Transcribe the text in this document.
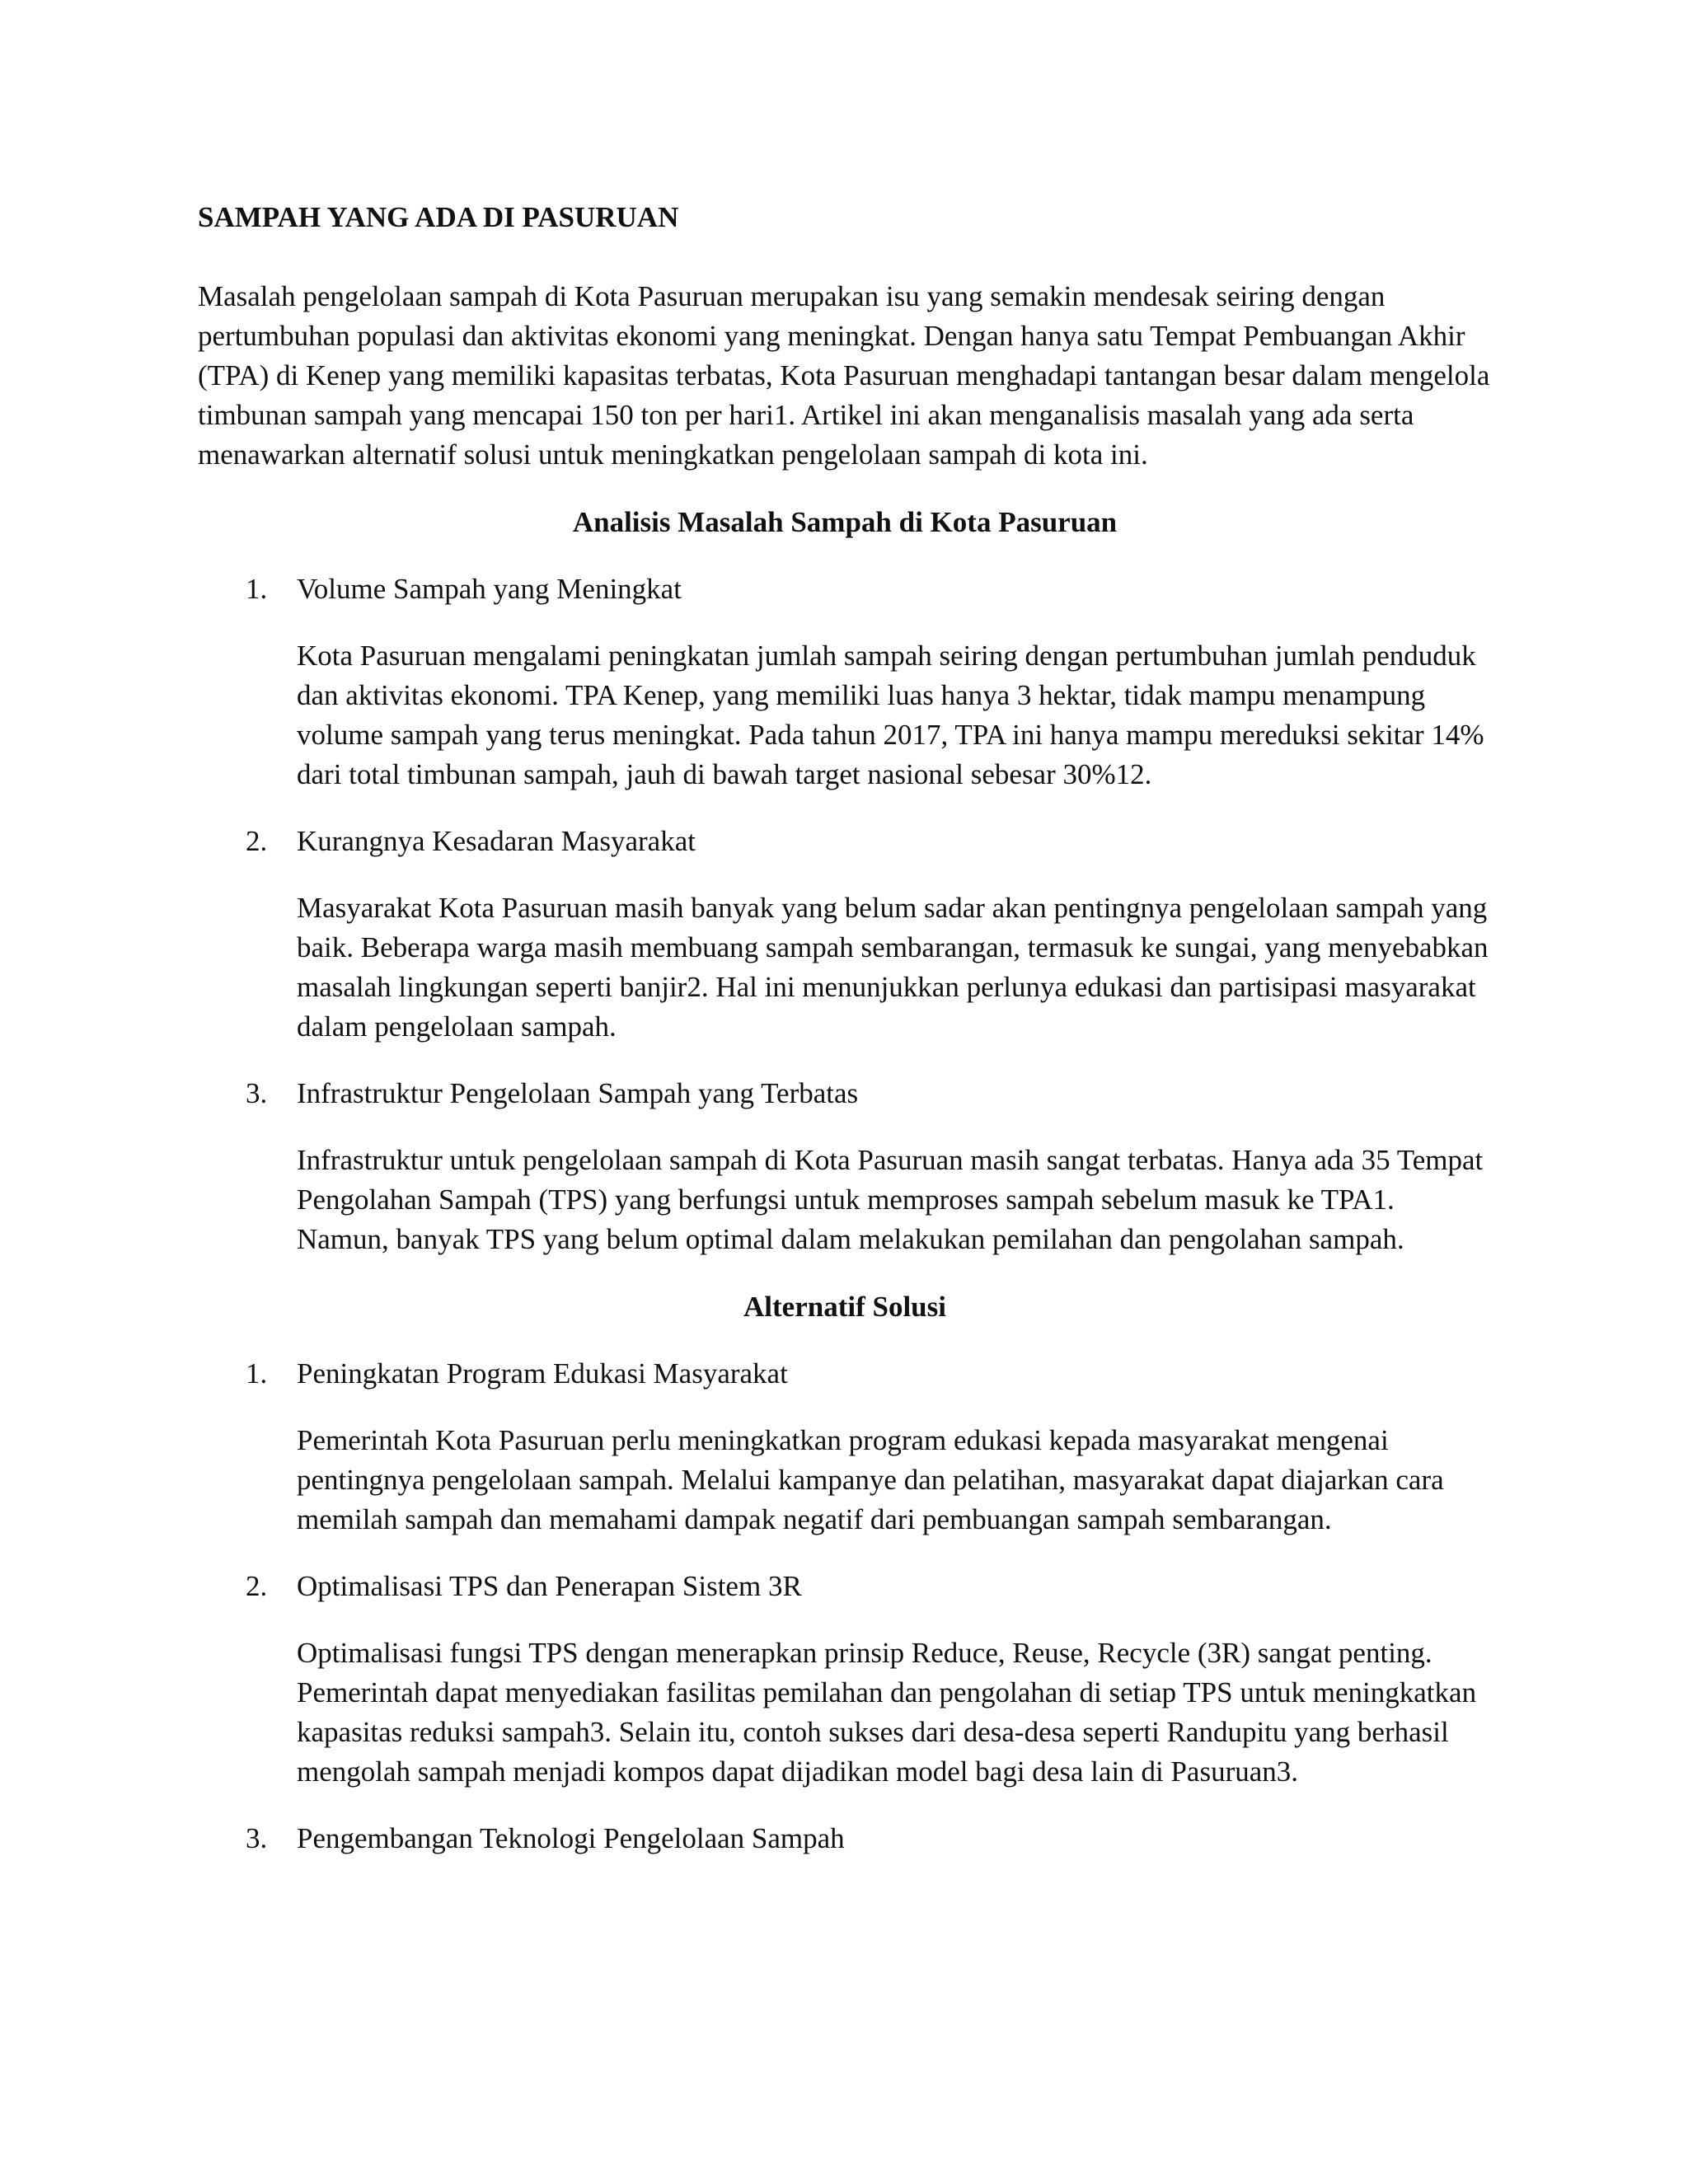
SAMPAH YANG ADA DI PASURUAN

Masalah pengelolaan sampah di Kota Pasuruan merupakan isu yang semakin mendesak seiring dengan pertumbuhan populasi dan aktivitas ekonomi yang meningkat. Dengan hanya satu Tempat Pembuangan Akhir (TPA) di Kenep yang memiliki kapasitas terbatas, Kota Pasuruan menghadapi tantangan besar dalam mengelola timbunan sampah yang mencapai 150 ton per hari1. Artikel ini akan menganalisis masalah yang ada serta menawarkan alternatif solusi untuk meningkatkan pengelolaan sampah di kota ini.

Analisis Masalah Sampah di Kota Pasuruan
1.	Volume Sampah yang Meningkat

Kota Pasuruan mengalami peningkatan jumlah sampah seiring dengan pertumbuhan jumlah penduduk dan aktivitas ekonomi. TPA Kenep, yang memiliki luas hanya 3 hektar, tidak mampu menampung volume sampah yang terus meningkat. Pada tahun 2017, TPA ini hanya mampu mereduksi sekitar 14% dari total timbunan sampah, jauh di bawah target nasional sebesar 30%12.

2.	Kurangnya Kesadaran Masyarakat

Masyarakat Kota Pasuruan masih banyak yang belum sadar akan pentingnya pengelolaan sampah yang baik. Beberapa warga masih membuang sampah sembarangan, termasuk ke sungai, yang menyebabkan masalah lingkungan seperti banjir2. Hal ini menunjukkan perlunya edukasi dan partisipasi masyarakat dalam pengelolaan sampah.

3.	Infrastruktur Pengelolaan Sampah yang Terbatas

Infrastruktur untuk pengelolaan sampah di Kota Pasuruan masih sangat terbatas. Hanya ada 35 Tempat Pengolahan Sampah (TPS) yang berfungsi untuk memproses sampah sebelum masuk ke TPA1. Namun, banyak TPS yang belum optimal dalam melakukan pemilahan dan pengolahan sampah.

Alternatif Solusi
1.	Peningkatan Program Edukasi Masyarakat

Pemerintah Kota Pasuruan perlu meningkatkan program edukasi kepada masyarakat mengenai pentingnya pengelolaan sampah. Melalui kampanye dan pelatihan, masyarakat dapat diajarkan cara memilah sampah dan memahami dampak negatif dari pembuangan sampah sembarangan.

2.	Optimalisasi TPS dan Penerapan Sistem 3R

Optimalisasi fungsi TPS dengan menerapkan prinsip Reduce, Reuse, Recycle (3R) sangat penting. Pemerintah dapat menyediakan fasilitas pemilahan dan pengolahan di setiap TPS untuk meningkatkan kapasitas reduksi sampah3. Selain itu, contoh sukses dari desa-desa seperti Randupitu yang berhasil mengolah sampah menjadi kompos dapat dijadikan model bagi desa lain di Pasuruan3.

3.	Pengembangan Teknologi Pengelolaan Sampah
